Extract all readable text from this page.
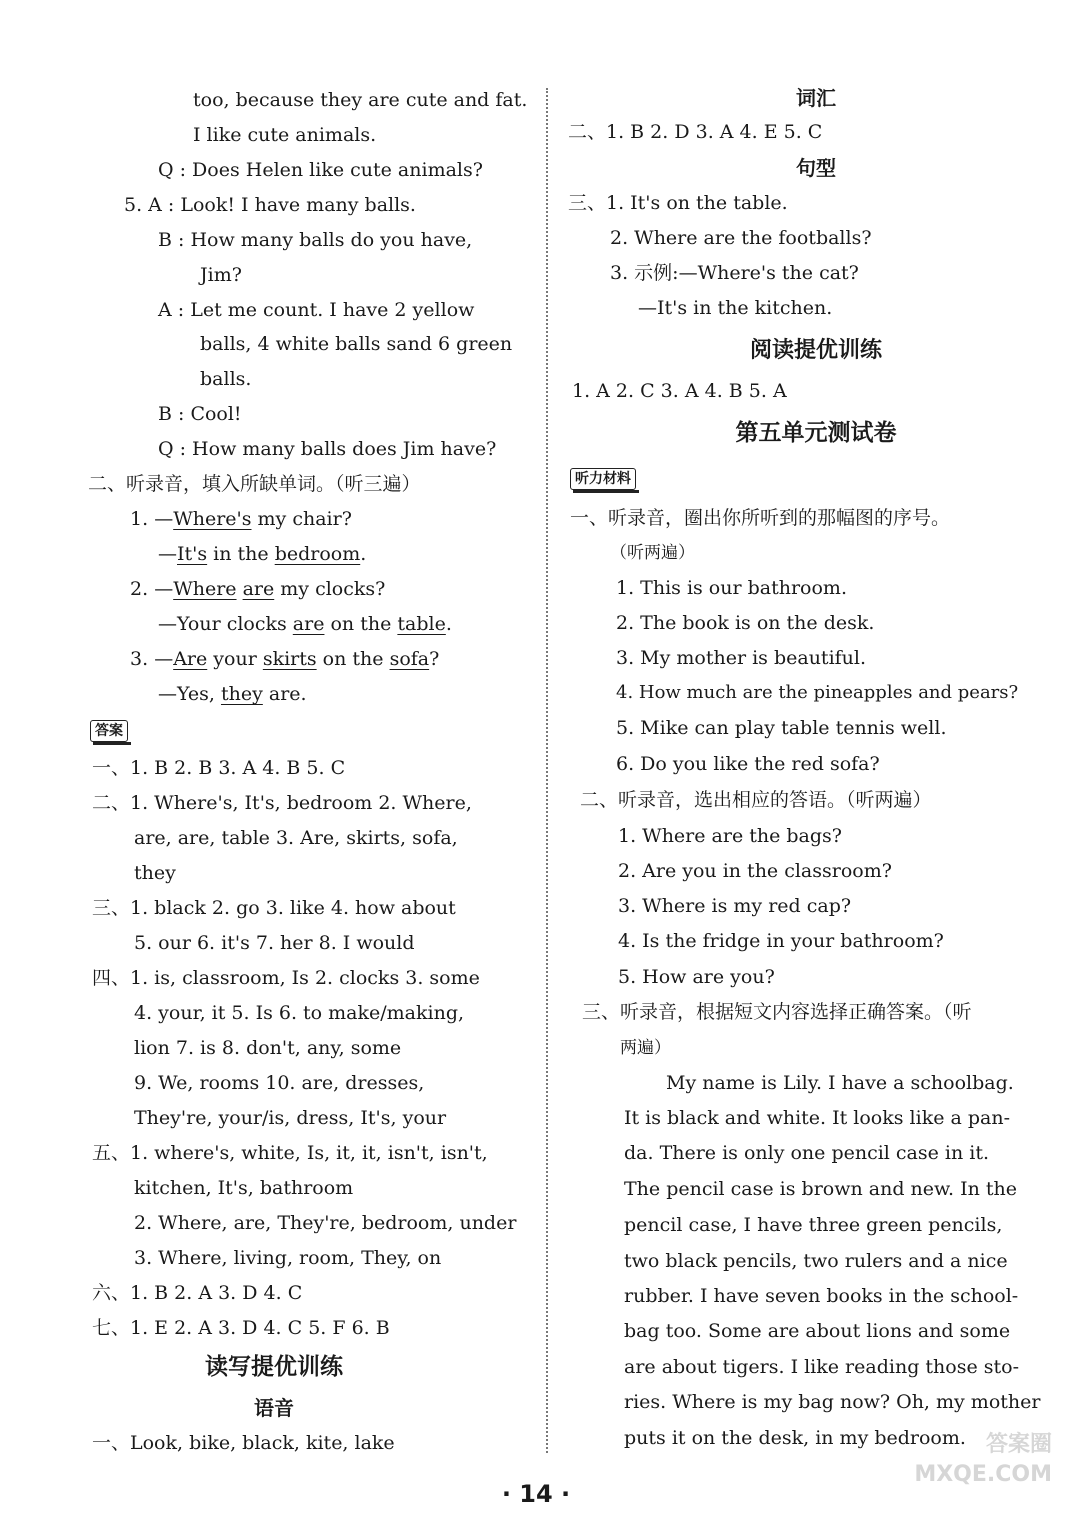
too, because they are cute and fat.
I like cute animals.
Q : Does Helen like cute animals?
5. A : Look! I have many balls.
B : How many balls do you have,
Jim?
A : Let me count. I have 2 yellow
balls, 4 white balls sand 6 green
balls.
B : Cool!
Q : How many balls does Jim have?
二、听录音，填入所缺单词。（听三遍）
1. —Where's my chair?
—It's in the bedroom.
2. —Where are my clocks?
—Your clocks are on the table.
3. —Are your skirts on the sofa?
—Yes, they are.
答案
一、1. B 2. B 3. A 4. B 5. C
二、1. Where's, It's, bedroom 2. Where,
are, are, table 3. Are, skirts, sofa,
they
三、1. black 2. go 3. like 4. how about
5. our 6. it's 7. her 8. I would
四、1. is, classroom, Is 2. clocks 3. some
4. your, it 5. Is 6. to make/making,
lion 7. is 8. don't, any, some
9. We, rooms 10. are, dresses,
They're, your/is, dress, It's, your
五、1. where's, white, Is, it, it, isn't, isn't,
kitchen, It's, bathroom
2. Where, are, They're, bedroom, under
3. Where, living, room, They, on
六、1. B 2. A 3. D 4. C
七、1. E 2. A 3. D 4. C 5. F 6. B
读写提优训练
语音
一、Look, bike, black, kite, lake
词汇
二、1. B 2. D 3. A 4. E 5. C
句型
三、1. It's on the table.
2. Where are the footballs?
3. 示例:—Where's the cat?
—It's in the kitchen.
阅读提优训练
1. A 2. C 3. A 4. B 5. A
第五单元测试卷
听力材料
一、听录音，圈出你所听到的那幅图的序号。
（听两遍）
1. This is our bathroom.
2. The book is on the desk.
3. My mother is beautiful.
4. How much are the pineapples and pears?
5. Mike can play table tennis well.
6. Do you like the red sofa?
二、听录音，选出相应的答语。（听两遍）
1. Where are the bags?
2. Are you in the classroom?
3. Where is my red cap?
4. Is the fridge in your bathroom?
5. How are you?
三、听录音，根据短文内容选择正确答案。（听
两遍）
My name is Lily. I have a schoolbag.
It is black and white. It looks like a pan-
da. There is only one pencil case in it.
The pencil case is brown and new. In the
pencil case, I have three green pencils,
two black pencils, two rulers and a nice
rubber. I have seven books in the school-
bag too. Some are about lions and some
are about tigers. I like reading those sto-
ries. Where is my bag now? Oh, my mother
puts it on the desk, in my bedroom. 答案圈
MXQE.COM
· 14 ·
